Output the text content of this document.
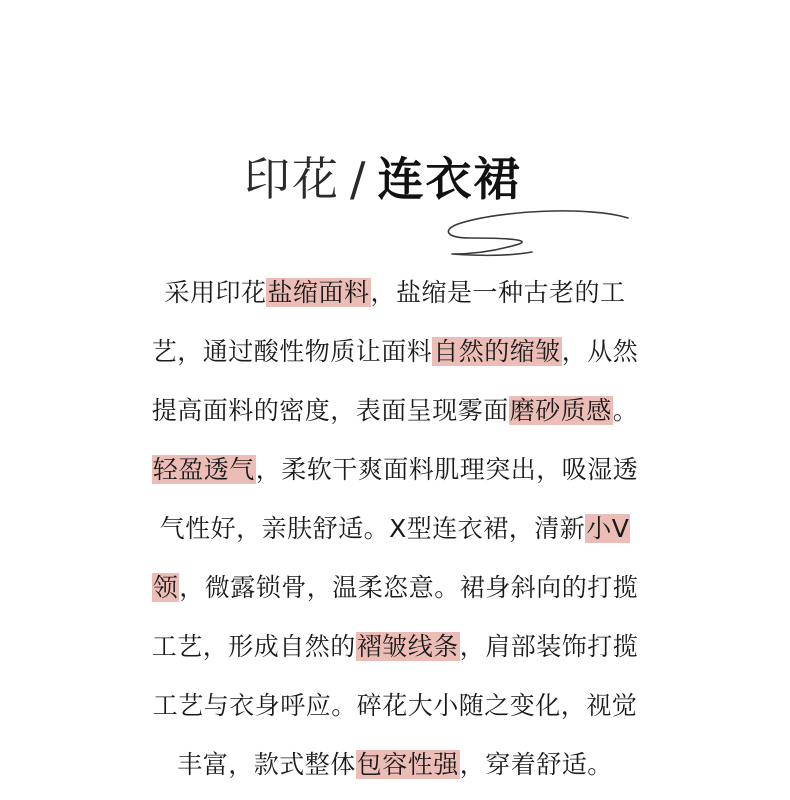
印花 / 连衣裙
采用印花盐缩面料，盐缩是一种古老的工
艺，通过酸性物质让面料自然的缩皱，从然
提高面料的密度，表面呈现雾面磨砂质感。
轻盈透气，柔软干爽面料肌理突出，吸湿透
气性好，亲肤舒适。X型连衣裙，清新小V
领，微露锁骨，温柔恣意。裙身斜向的打揽
工艺，形成自然的褶皱线条，肩部装饰打揽
工艺与衣身呼应。碎花大小随之变化，视觉
丰富，款式整体包容性强，穿着舒适。
